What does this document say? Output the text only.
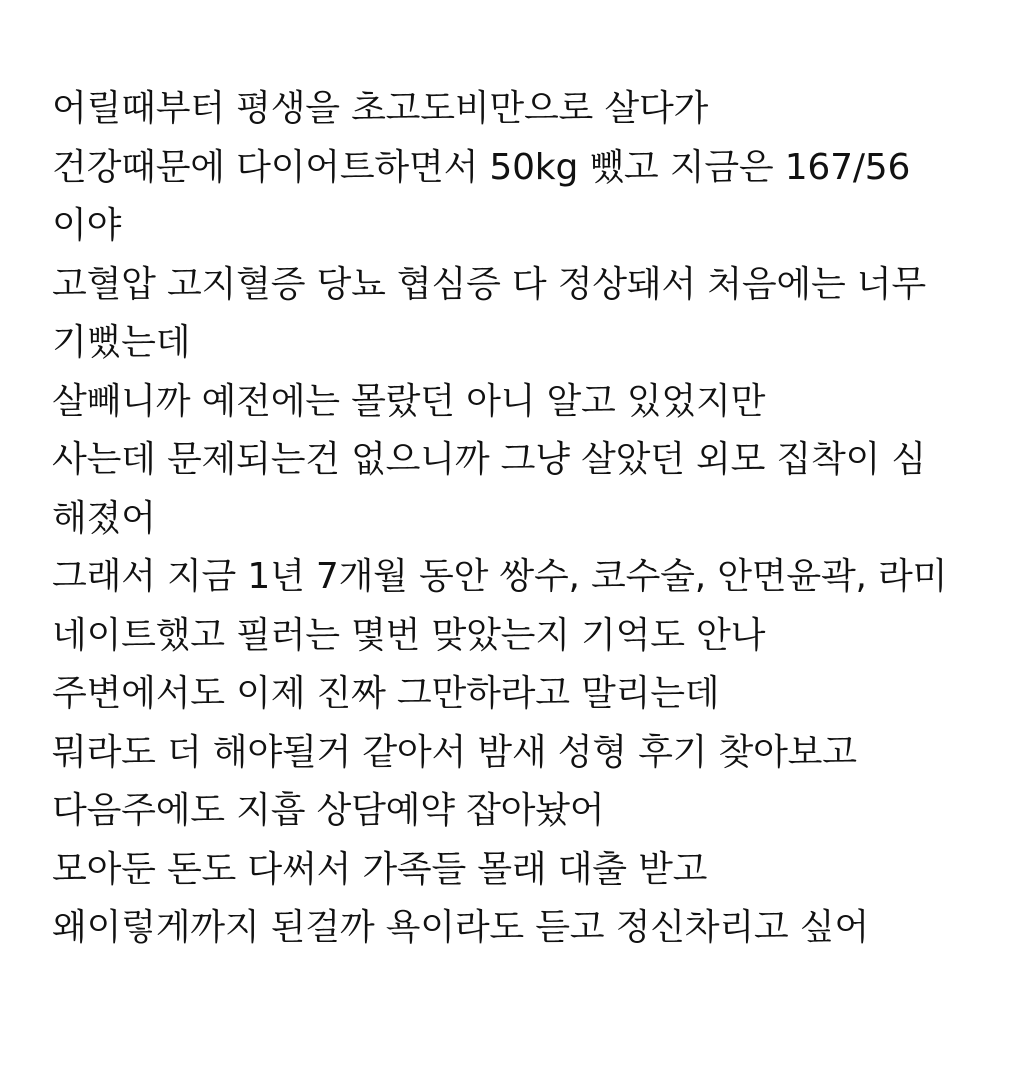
어릴때부터 평생을 초고도비만으로 살다가
건강때문에 다이어트하면서 50kg 뺐고 지금은 167/56
이야
고혈압 고지혈증 당뇨 협심증 다 정상돼서 처음에는 너무
기뻤는데
살빼니까 예전에는 몰랐던 아니 알고 있었지만
사는데 문제되는건 없으니까 그냥 살았던 외모 집착이 심
해졌어
그래서 지금 1년 7개월 동안 쌍수, 코수술, 안면윤곽, 라미
네이트했고 필러는 몇번 맞았는지 기억도 안나
주변에서도 이제 진짜 그만하라고 말리는데
뭐라도 더 해야될거 같아서 밤새 성형 후기 찾아보고
다음주에도 지흡 상담예약 잡아놨어
모아둔 돈도 다써서 가족들 몰래 대출 받고
왜이렇게까지 된걸까 욕이라도 듣고 정신차리고 싶어
